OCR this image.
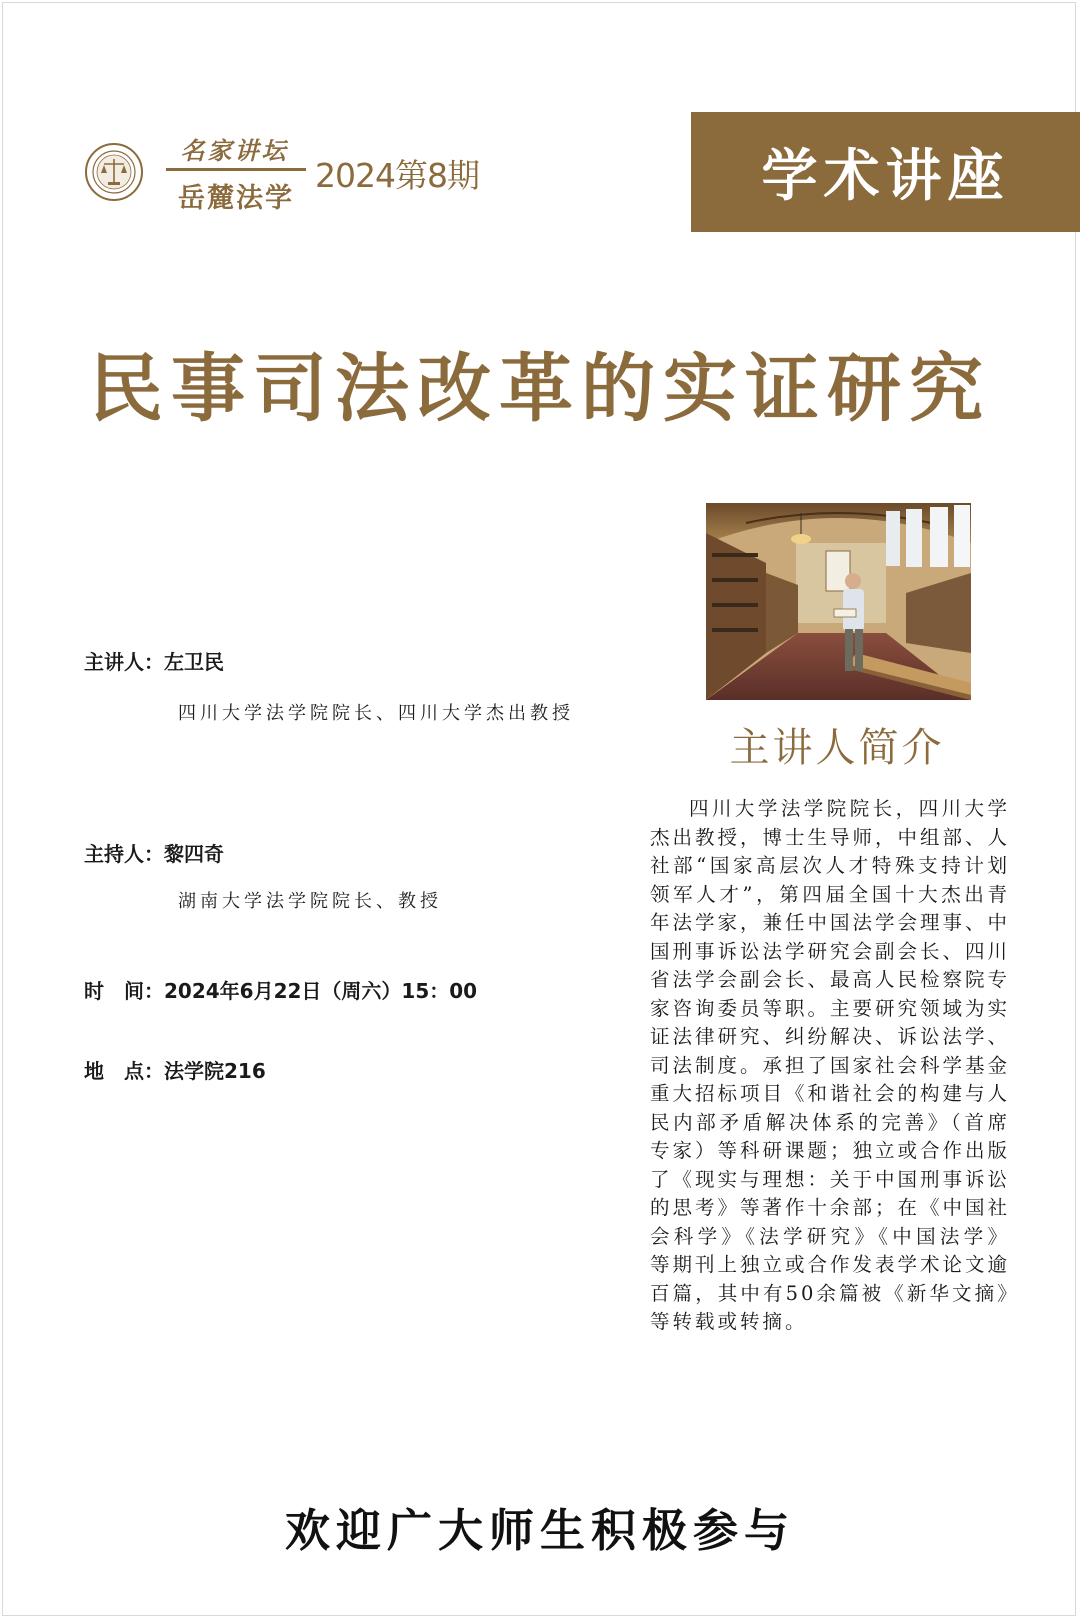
名家讲坛
岳麓法学
2024第8期	学术讲座
民事司法改革的实证研究
主讲人：左卫民
四川大学法学院院长、四川大学杰出教授
主持人：黎四奇
湖南大学法学院院长、教授
时　间：2024年6月22日（周六）15：00
地　点：法学院216
主讲人简介
四川大学法学院院长，四川大学杰出教授，博士生导师，中组部、人社部“国家高层次人才特殊支持计划领军人才”，第四届全国十大杰出青年法学家，兼任中国法学会理事、中国刑事诉讼法学研究会副会长、四川省法学会副会长、最高人民检察院专家咨询委员等职。主要研究领域为实证法律研究、纠纷解决、诉讼法学、司法制度。承担了国家社会科学基金重大招标项目《和谐社会的构建与人民内部矛盾解决体系的完善》（首席专家）等科研课题；独立或合作出版了《现实与理想：关于中国刑事诉讼的思考》等著作十余部；在《中国社会科学》《法学研究》《中国法学》等期刊上独立或合作发表学术论文逾百篇，其中有50余篇被《新华文摘》等转载或转摘。
欢迎广大师生积极参与
